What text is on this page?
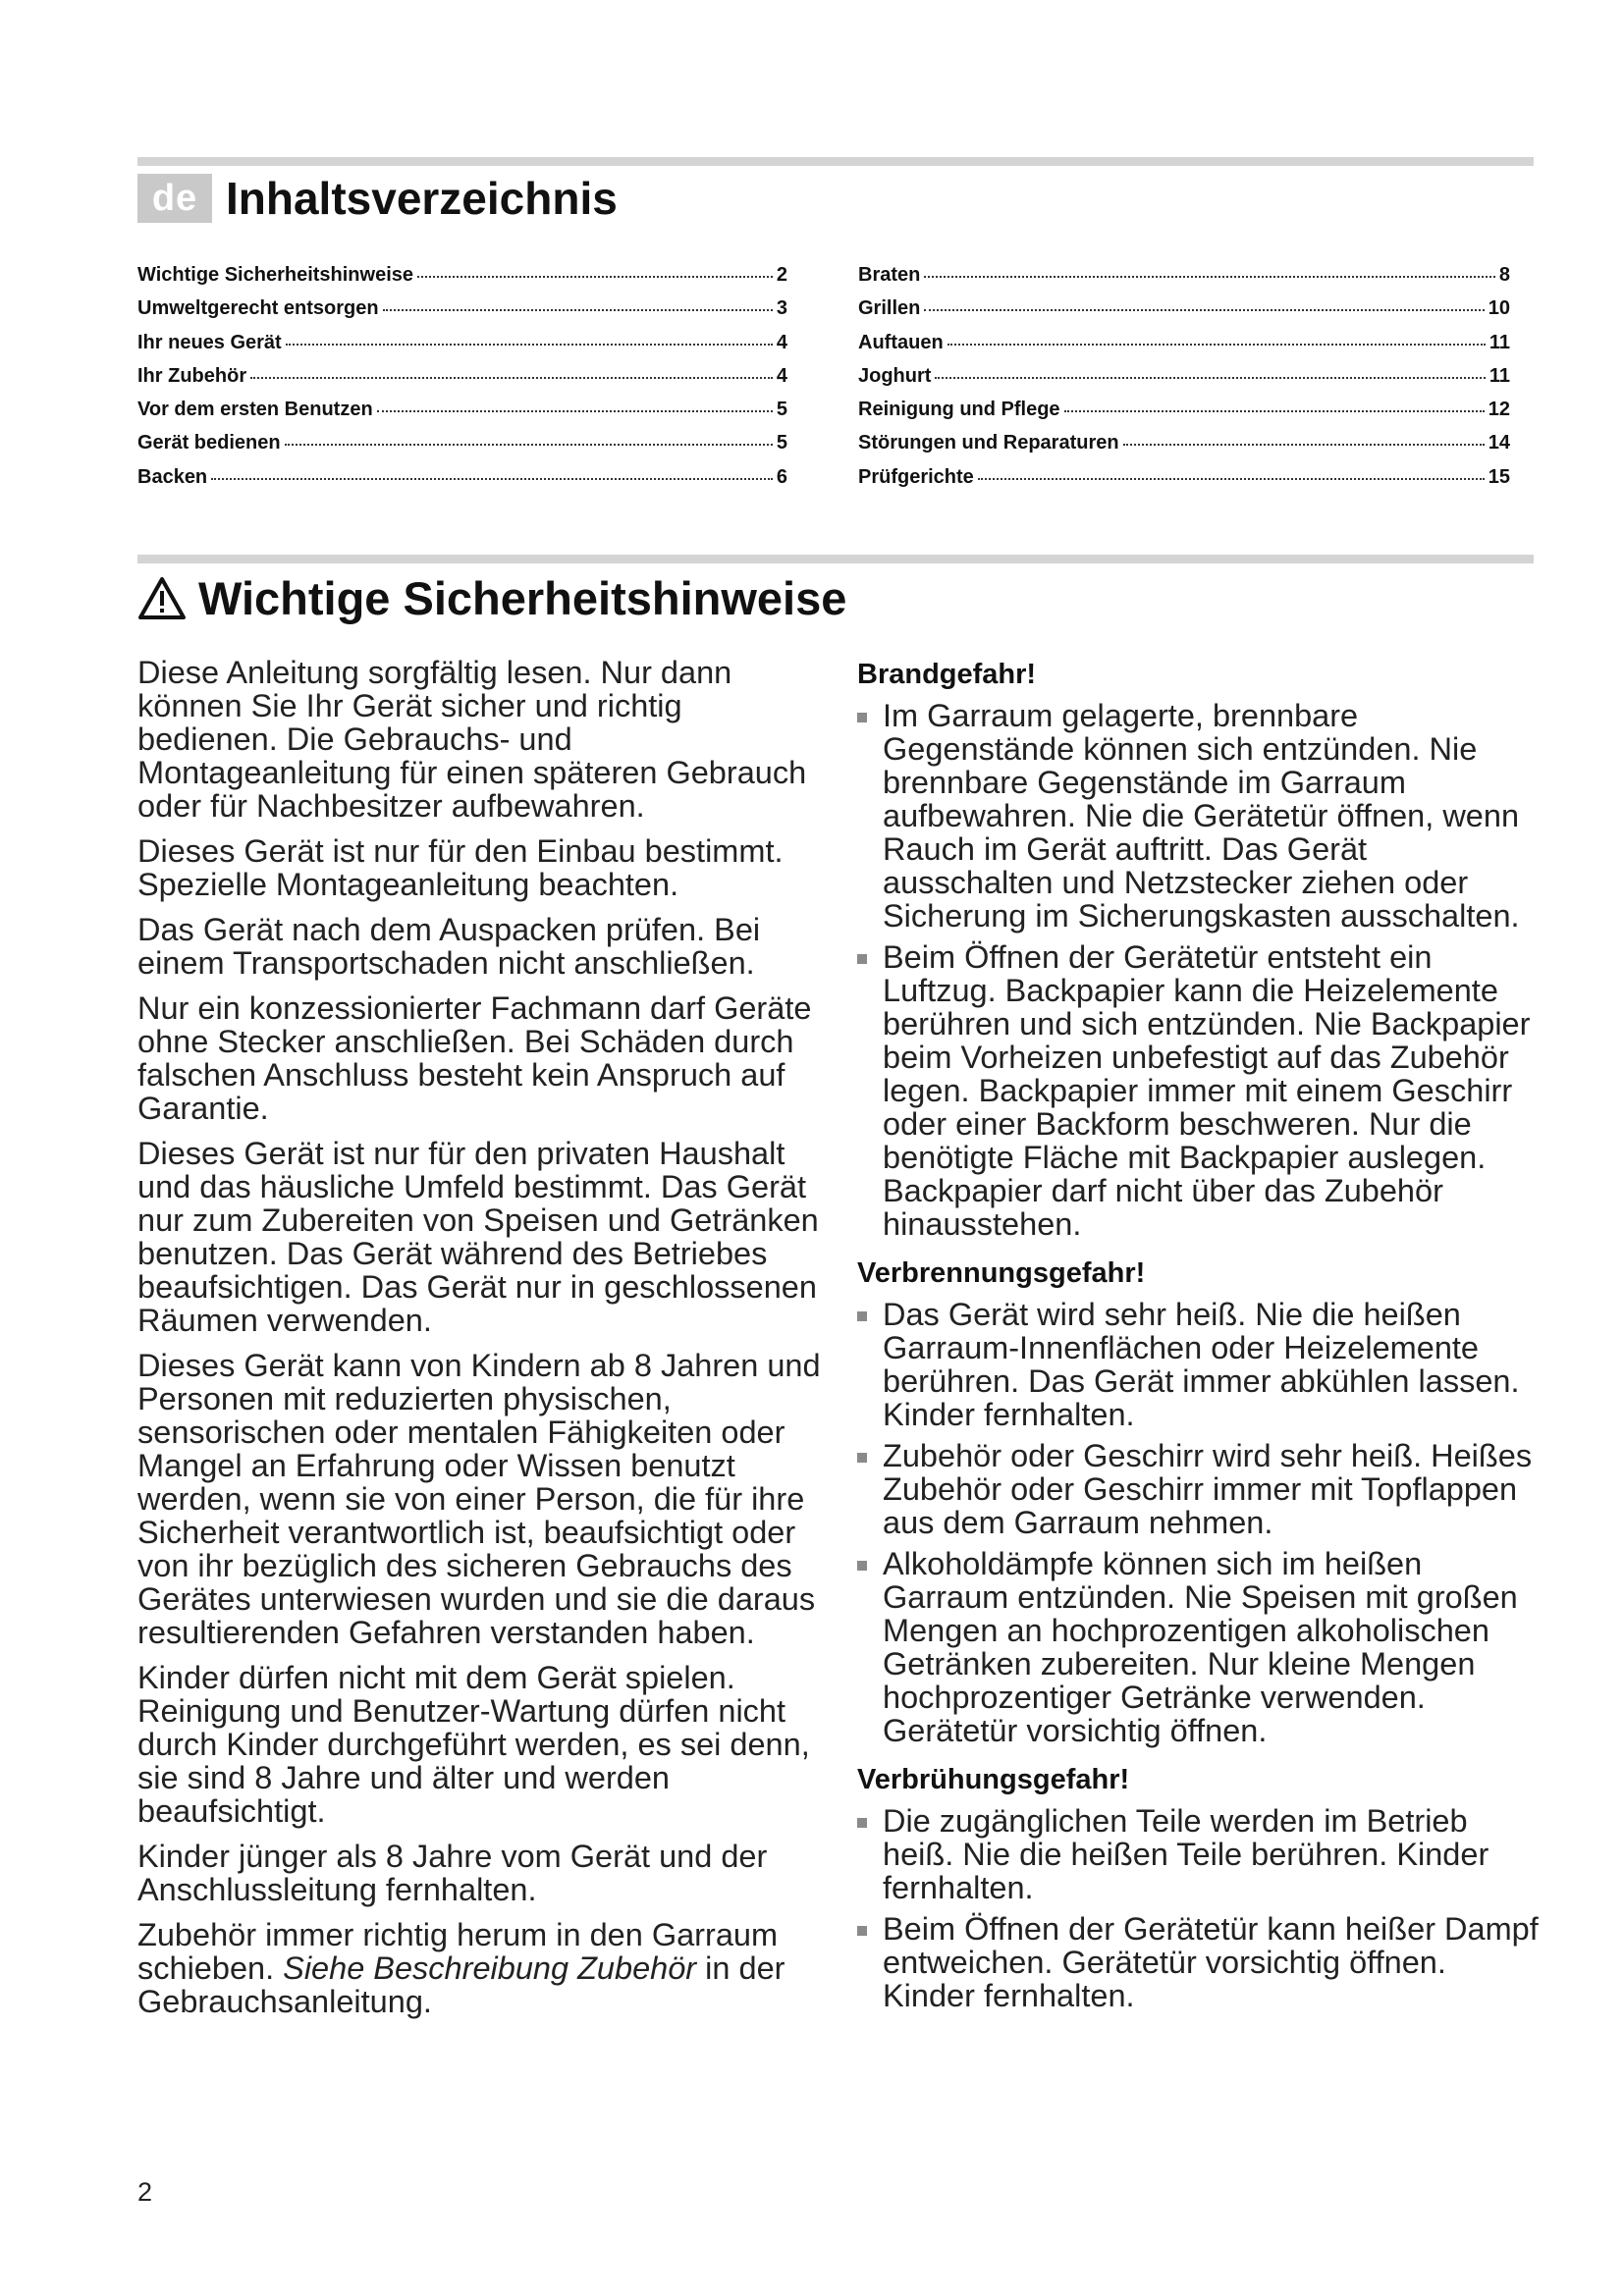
de Inhaltsverzeichnis
Wichtige Sicherheitshinweise	2
Umweltgerecht entsorgen	3
Ihr neues Gerät	4
Ihr Zubehör	4
Vor dem ersten Benutzen	5
Gerät bedienen	5
Backen	6
Braten	8
Grillen	10
Auftauen	11
Joghurt	11
Reinigung und Pflege	12
Störungen und Reparaturen	14
Prüfgerichte	15
Wichtige Sicherheitshinweise

Diese Anleitung sorgfältig lesen. Nur dann können Sie Ihr Gerät sicher und richtig bedienen. Die Gebrauchs- und Montageanleitung für einen späteren Gebrauch oder für Nachbesitzer aufbewahren.

Dieses Gerät ist nur für den Einbau bestimmt. Spezielle Montageanleitung beachten.

Das Gerät nach dem Auspacken prüfen. Bei einem Transportschaden nicht anschließen.

Nur ein konzessionierter Fachmann darf Geräte ohne Stecker anschließen. Bei Schäden durch falschen Anschluss besteht kein Anspruch auf Garantie.

Dieses Gerät ist nur für den privaten Haushalt und das häusliche Umfeld bestimmt. Das Gerät nur zum Zubereiten von Speisen und Getränken benutzen. Das Gerät während des Betriebes beaufsichtigen. Das Gerät nur in geschlossenen Räumen verwenden.

Dieses Gerät kann von Kindern ab 8 Jahren und Personen mit reduzierten physischen, sensorischen oder mentalen Fähigkeiten oder Mangel an Erfahrung oder Wissen benutzt werden, wenn sie von einer Person, die für ihre Sicherheit verantwortlich ist, beaufsichtigt oder von ihr bezüglich des sicheren Gebrauchs des Gerätes unterwiesen wurden und sie die daraus resultierenden Gefahren verstanden haben.

Kinder dürfen nicht mit dem Gerät spielen. Reinigung und Benutzer-Wartung dürfen nicht durch Kinder durchgeführt werden, es sei denn, sie sind 8 Jahre und älter und werden beaufsichtigt.

Kinder jünger als 8 Jahre vom Gerät und der Anschlussleitung fernhalten.

Zubehör immer richtig herum in den Garraum schieben. Siehe Beschreibung Zubehör in der Gebrauchsanleitung.

Brandgefahr!
Im Garraum gelagerte, brennbare Gegenstände können sich entzünden. Nie brennbare Gegenstände im Garraum aufbewahren. Nie die Gerätetür öffnen, wenn Rauch im Gerät auftritt. Das Gerät ausschalten und Netzstecker ziehen oder Sicherung im Sicherungskasten ausschalten.
Beim Öffnen der Gerätetür entsteht ein Luftzug. Backpapier kann die Heizelemente berühren und sich entzünden. Nie Backpapier beim Vorheizen unbefestigt auf das Zubehör legen. Backpapier immer mit einem Geschirr oder einer Backform beschweren. Nur die benötigte Fläche mit Backpapier auslegen. Backpapier darf nicht über das Zubehör hinausstehen.
Verbrennungsgefahr!
Das Gerät wird sehr heiß. Nie die heißen Garraum-Innenflächen oder Heizelemente berühren. Das Gerät immer abkühlen lassen. Kinder fernhalten.
Zubehör oder Geschirr wird sehr heiß. Heißes Zubehör oder Geschirr immer mit Topflappen aus dem Garraum nehmen.
Alkoholdämpfe können sich im heißen Garraum entzünden. Nie Speisen mit großen Mengen an hochprozentigen alkoholischen Getränken zubereiten. Nur kleine Mengen hochprozentiger Getränke verwenden. Gerätetür vorsichtig öffnen.
Verbrühungsgefahr!
Die zugänglichen Teile werden im Betrieb heiß. Nie die heißen Teile berühren. Kinder fernhalten.
Beim Öffnen der Gerätetür kann heißer Dampf entweichen. Gerätetür vorsichtig öffnen. Kinder fernhalten.
2
